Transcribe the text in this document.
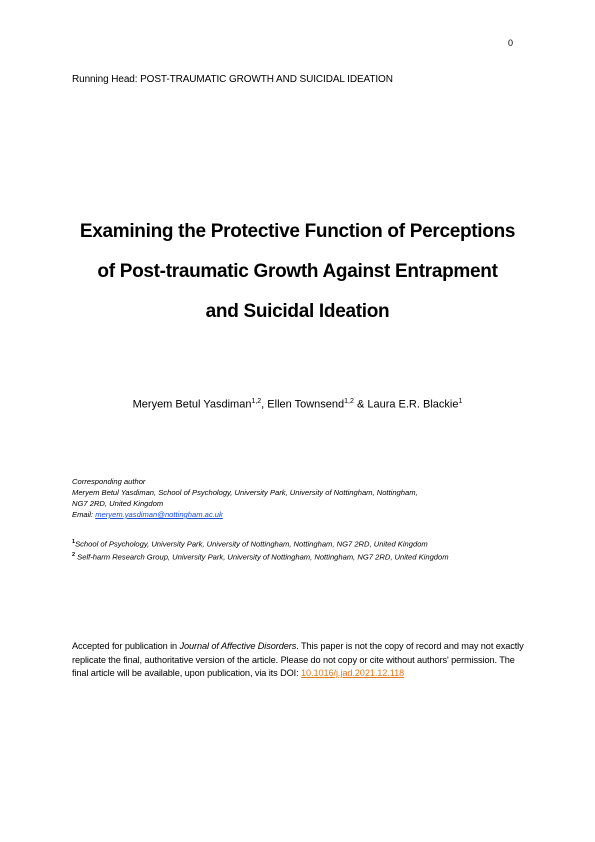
0
Running Head: POST-TRAUMATIC GROWTH AND SUICIDAL IDEATION
Examining the Protective Function of Perceptions
of Post-traumatic Growth Against Entrapment
and Suicidal Ideation
Meryem Betul Yasdiman$^{1,2}$, Ellen Townsend$^{1,2}$ & Laura E.R. Blackie$^1$
Corresponding author
Meryem Betul Yasdiman, School of Psychology, University Park, University of Nottingham, Nottingham,
NG7 2RD, United Kingdom
Email: meryem.yasdiman@nottingham.ac.uk
$^1$School of Psychology, University Park, University of Nottingham, Nottingham, NG7 2RD, United Kingdom
$^2$ Self-harm Research Group, University Park, University of Nottingham, Nottingham, NG7 2RD, United Kingdom
Accepted for publication in Journal of Affective Disorders. This paper is not the copy of record and may not exactly replicate the final, authoritative version of the article. Please do not copy or cite without authors' permission. The final article will be available, upon publication, via its DOI: 10.1016/j.jad.2021.12.118
